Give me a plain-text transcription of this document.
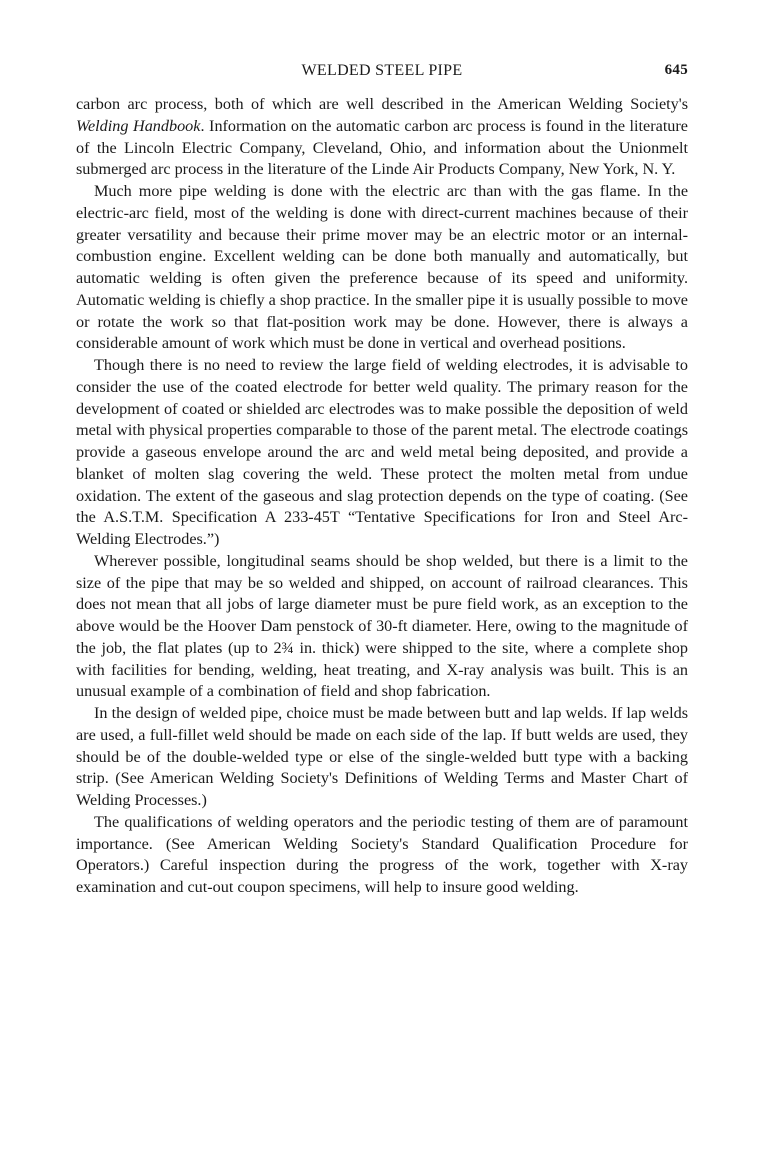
WELDED STEEL PIPE	645

carbon arc process, both of which are well described in the American Welding Society's Welding Handbook. Information on the automatic carbon arc process is found in the literature of the Lincoln Electric Company, Cleveland, Ohio, and information about the Unionmelt submerged arc process in the literature of the Linde Air Products Company, New York, N. Y.

Much more pipe welding is done with the electric arc than with the gas flame. In the electric-arc field, most of the welding is done with direct-current machines because of their greater versatility and because their prime mover may be an electric motor or an internal-combustion engine. Excellent welding can be done both manually and automatically, but automatic welding is often given the preference because of its speed and uniformity. Automatic welding is chiefly a shop practice. In the smaller pipe it is usually possible to move or rotate the work so that flat-position work may be done. However, there is always a considerable amount of work which must be done in vertical and overhead positions.

Though there is no need to review the large field of welding electrodes, it is advisable to consider the use of the coated electrode for better weld quality. The primary reason for the development of coated or shielded arc electrodes was to make possible the deposition of weld metal with physical properties comparable to those of the parent metal. The electrode coatings provide a gaseous envelope around the arc and weld metal being deposited, and provide a blanket of molten slag covering the weld. These protect the molten metal from undue oxidation. The extent of the gaseous and slag protection depends on the type of coating. (See the A.S.T.M. Specification A 233-45T “Tentative Specifications for Iron and Steel Arc-Welding Electrodes.”)

Wherever possible, longitudinal seams should be shop welded, but there is a limit to the size of the pipe that may be so welded and shipped, on account of railroad clearances. This does not mean that all jobs of large diameter must be pure field work, as an exception to the above would be the Hoover Dam penstock of 30-ft diameter. Here, owing to the magnitude of the job, the flat plates (up to 2¾ in. thick) were shipped to the site, where a complete shop with facilities for bending, welding, heat treating, and X-ray analysis was built. This is an unusual example of a combination of field and shop fabrication.

In the design of welded pipe, choice must be made between butt and lap welds. If lap welds are used, a full-fillet weld should be made on each side of the lap. If butt welds are used, they should be of the double-welded type or else of the single-welded butt type with a backing strip. (See American Welding Society's Definitions of Welding Terms and Master Chart of Welding Processes.)

The qualifications of welding operators and the periodic testing of them are of paramount importance. (See American Welding Society's Standard Qualification Procedure for Operators.) Careful inspection during the progress of the work, together with X-ray examination and cut-out coupon specimens, will help to insure good welding.
